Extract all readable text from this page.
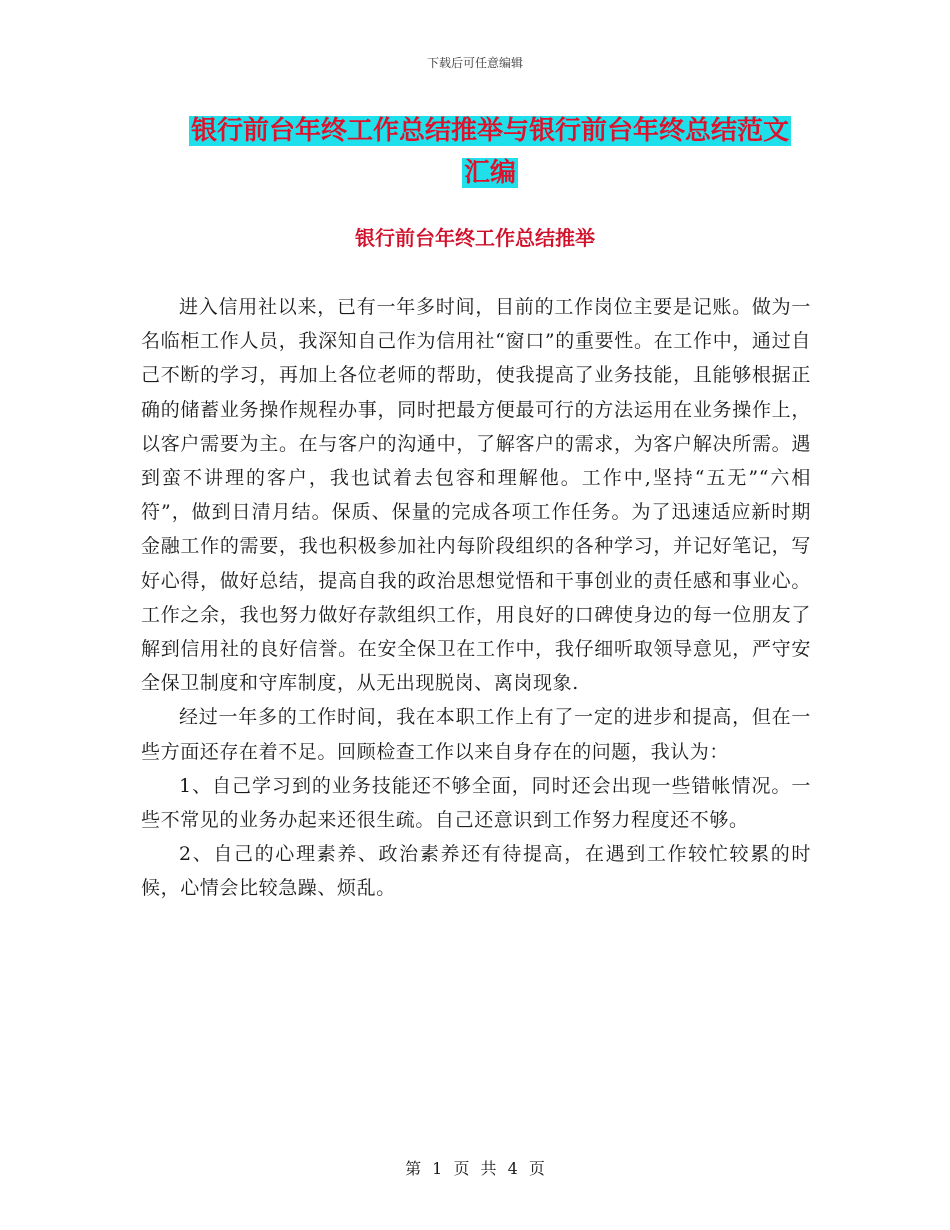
下载后可任意编辑
银行前台年终工作总结推举与银行前台年终总结范文
汇编
银行前台年终工作总结推举

进入信用社以来，已有一年多时间，目前的工作岗位主要是记账。做为一名临柜工作人员，我深知自己作为信用社“窗口”的重要性。在工作中，通过自己不断的学习，再加上各位老师的帮助，使我提高了业务技能，且能够根据正确的储蓄业务操作规程办事，同时把最方便最可行的方法运用在业务操作上，以客户需要为主。在与客户的沟通中，了解客户的需求，为客户解决所需。遇到蛮不讲理的客户，我也试着去包容和理解他。工作中,坚持“五无”“六相符”，做到日清月结。保质、保量的完成各项工作任务。为了迅速适应新时期金融工作的需要，我也积极参加社内每阶段组织的各种学习，并记好笔记，写好心得，做好总结，提高自我的政治思想觉悟和干事创业的责任感和事业心。工作之余，我也努力做好存款组织工作，用良好的口碑使身边的每一位朋友了解到信用社的良好信誉。在安全保卫在工作中，我仔细听取领导意见，严守安全保卫制度和守库制度，从无出现脱岗、离岗现象.

经过一年多的工作时间，我在本职工作上有了一定的进步和提高，但在一些方面还存在着不足。回顾检查工作以来自身存在的问题，我认为：

1、自己学习到的业务技能还不够全面，同时还会出现一些错帐情况。一些不常见的业务办起来还很生疏。自己还意识到工作努力程度还不够。

2、自己的心理素养、政治素养还有待提高，在遇到工作较忙较累的时候，心情会比较急躁、烦乱。

第 1 页 共 4 页
